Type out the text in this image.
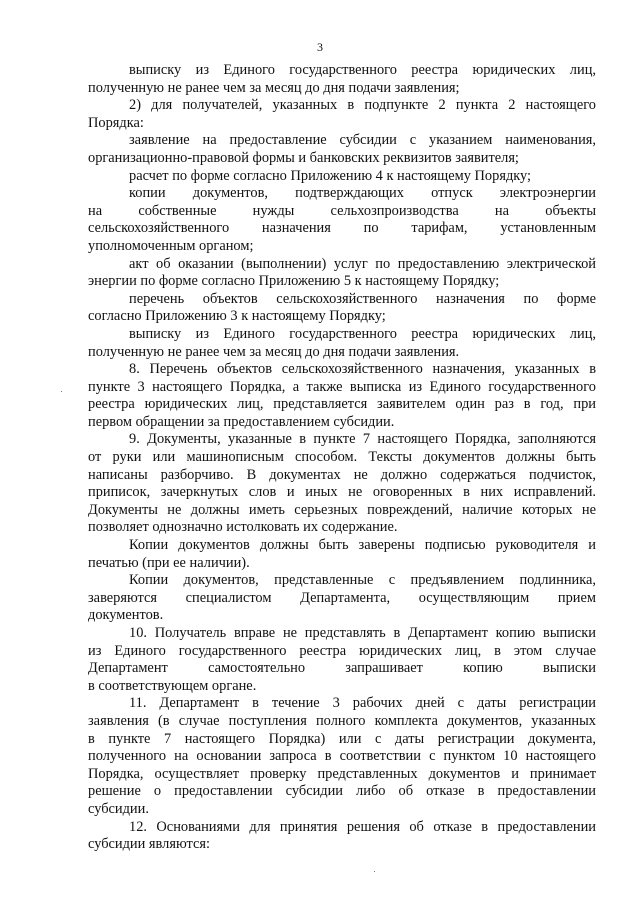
3
выписку из Единого государственного реестра юридических лиц,
полученную не ранее чем за месяц до дня подачи заявления;
2) для получателей, указанных в подпункте 2 пункта 2 настоящего
Порядка:
заявление на предоставление субсидии с указанием наименования,
организационно-правовой формы и банковских реквизитов заявителя;
расчет по форме согласно Приложению 4 к настоящему Порядку;
копии документов, подтверждающих отпуск электроэнергии
на собственные нужды сельхозпроизводства на объекты
сельскохозяйственного назначения по тарифам, установленным
уполномоченным органом;
акт об оказании (выполнении) услуг по предоставлению электрической
энергии по форме согласно Приложению 5 к настоящему Порядку;
перечень объектов сельскохозяйственного назначения по форме
согласно Приложению 3 к настоящему Порядку;
выписку из Единого государственного реестра юридических лиц,
полученную не ранее чем за месяц до дня подачи заявления.
8. Перечень объектов сельскохозяйственного назначения, указанных в
пункте 3 настоящего Порядка, а также выписка из Единого государственного
реестра юридических лиц, представляется заявителем один раз в год, при
первом обращении за предоставлением субсидии.
9. Документы, указанные в пункте 7 настоящего Порядка, заполняются
от руки или машинописным способом. Тексты документов должны быть
написаны разборчиво. В документах не должно содержаться подчисток,
приписок, зачеркнутых слов и иных не оговоренных в них исправлений.
Документы не должны иметь серьезных повреждений, наличие которых не
позволяет однозначно истолковать их содержание.
Копии документов должны быть заверены подписью руководителя и
печатью (при ее наличии).
Копии документов, представленные с предъявлением подлинника,
заверяются специалистом Департамента, осуществляющим прием
документов.
10. Получатель вправе не представлять в Департамент копию выписки
из Единого государственного реестра юридических лиц, в этом случае
Департамент самостоятельно запрашивает копию выписки
в соответствующем органе.
11. Департамент в течение 3 рабочих дней с даты регистрации
заявления (в случае поступления полного комплекта документов, указанных
в пункте 7 настоящего Порядка) или с даты регистрации документа,
полученного на основании запроса в соответствии с пунктом 10 настоящего
Порядка, осуществляет проверку представленных документов и принимает
решение о предоставлении субсидии либо об отказе в предоставлении
субсидии.
12. Основаниями для принятия решения об отказе в предоставлении
субсидии являются:
